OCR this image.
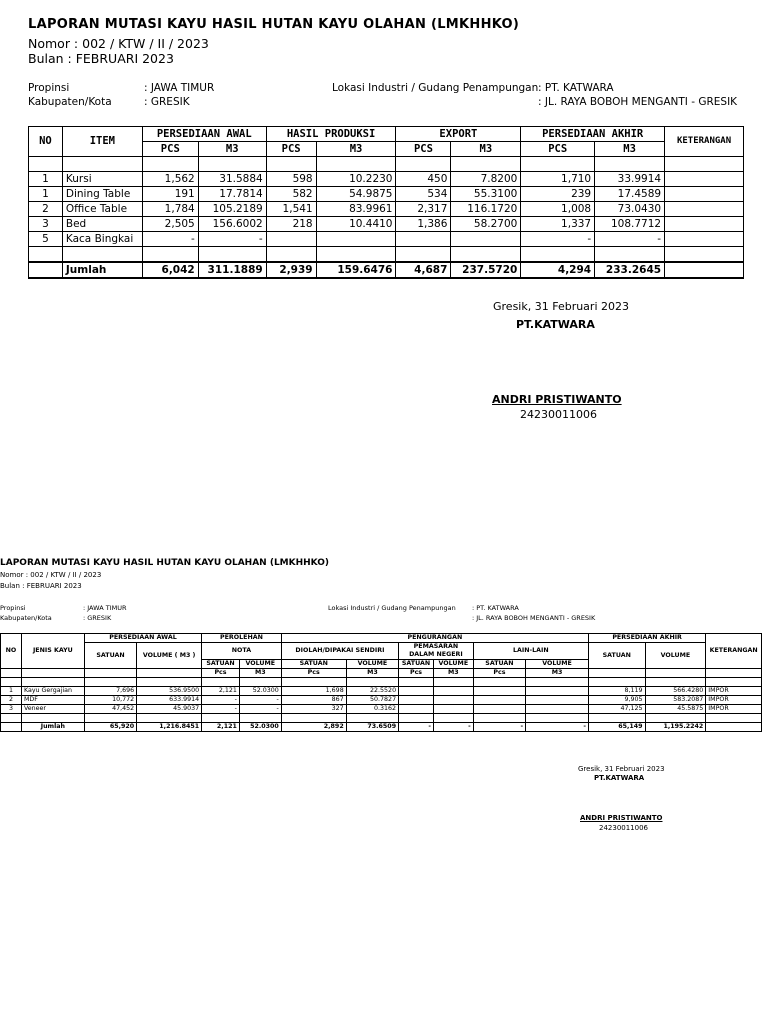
LAPORAN MUTASI KAYU HASIL HUTAN KAYU OLAHAN (LMKHHKO)
Nomor : 002 / KTW / II / 2023
Bulan : FEBRUARI 2023
Propinsi	: JAWA TIMUR
Kabupaten/Kota	: GRESIK
Lokasi Industri / Gudang Penampungan : PT. KATWARA
: JL. RAYA BOBOH MENGANTI - GRESIK
NO	ITEM	PERSEDIAAN AWAL		HASIL PRODUKSI		EXPORT		PERSEDIAAN AKHIR		KETERANGAN
		PCS	M3	PCS	M3	PCS	M3	PCS	M3	

1	Kursi	1,562	31.5884	598	10.2230	450	7.8200	1,710	33.9914	
1	Dining Table	191	17.7814	582	54.9875	534	55.3100	239	17.4589	
2	Office Table	1,784	105.2189	1,541	83.9961	2,317	116.1720	1,008	73.0430	
3	Bed	2,505	156.6002	218	10.4410	1,386	58.2700	1,337	108.7712	
5	Kaca Bingkai	-	-					-	-	

	Jumlah	6,042	311.1889	2,939	159.6476	4,687	237.5720	4,294	233.2645	
Gresik, 31 Februari 2023
PT.KATWARA
ANDRI PRISTIWANTO
24230011006
LAPORAN MUTASI KAYU HASIL HUTAN KAYU OLAHAN (LMKHHKO)
Nomor : 002 / KTW / II / 2023
Bulan : FEBRUARI 2023
Propinsi	: JAWA TIMUR
Kabupaten/Kota	: GRESIK
Lokasi Industri / Gudang Penampungan	: PT. KATWARA
: JL. RAYA BOBOH MENGANTI - GRESIK
NO	JENIS KAYU	PERSEDIAAN AWAL		PEROLEHAN		PENGURANGAN						PERSEDIAAN AKHIR		KETERANGAN
		SATUAN	VOLUME ( M3 )	NOTA		DIOLAH/DIPAKAI SENDIRI		PEMASARAN DALAM NEGERI		LAIN-LAIN		SATUAN	VOLUME	

				SATUAN	VOLUME	SATUAN	VOLUME	SATUAN	VOLUME	SATUAN	VOLUME			
				Pcs	M3	Pcs	M3	Pcs	M3	Pcs	M3			

1	Kayu Gergajian	7,696	536.9500	2,121	52.0300	1,698	22.5520					8,119	566.4280	IMPOR
2	MDF	10,772	633.9914	-	-	867	50.7827					9,905	583.2087	IMPOR
3	Veneer	47,452	45.9037	-	-	327	0.3162					47,125	45.5875	IMPOR

	Jumlah	65,920	1,216.8451	2,121	52.0300	2,892	73.6509	-	-	-	-	65,149	1,195.2242	
Gresik, 31 Februari 2023
PT.KATWARA
ANDRI PRISTIWANTO
24230011006
